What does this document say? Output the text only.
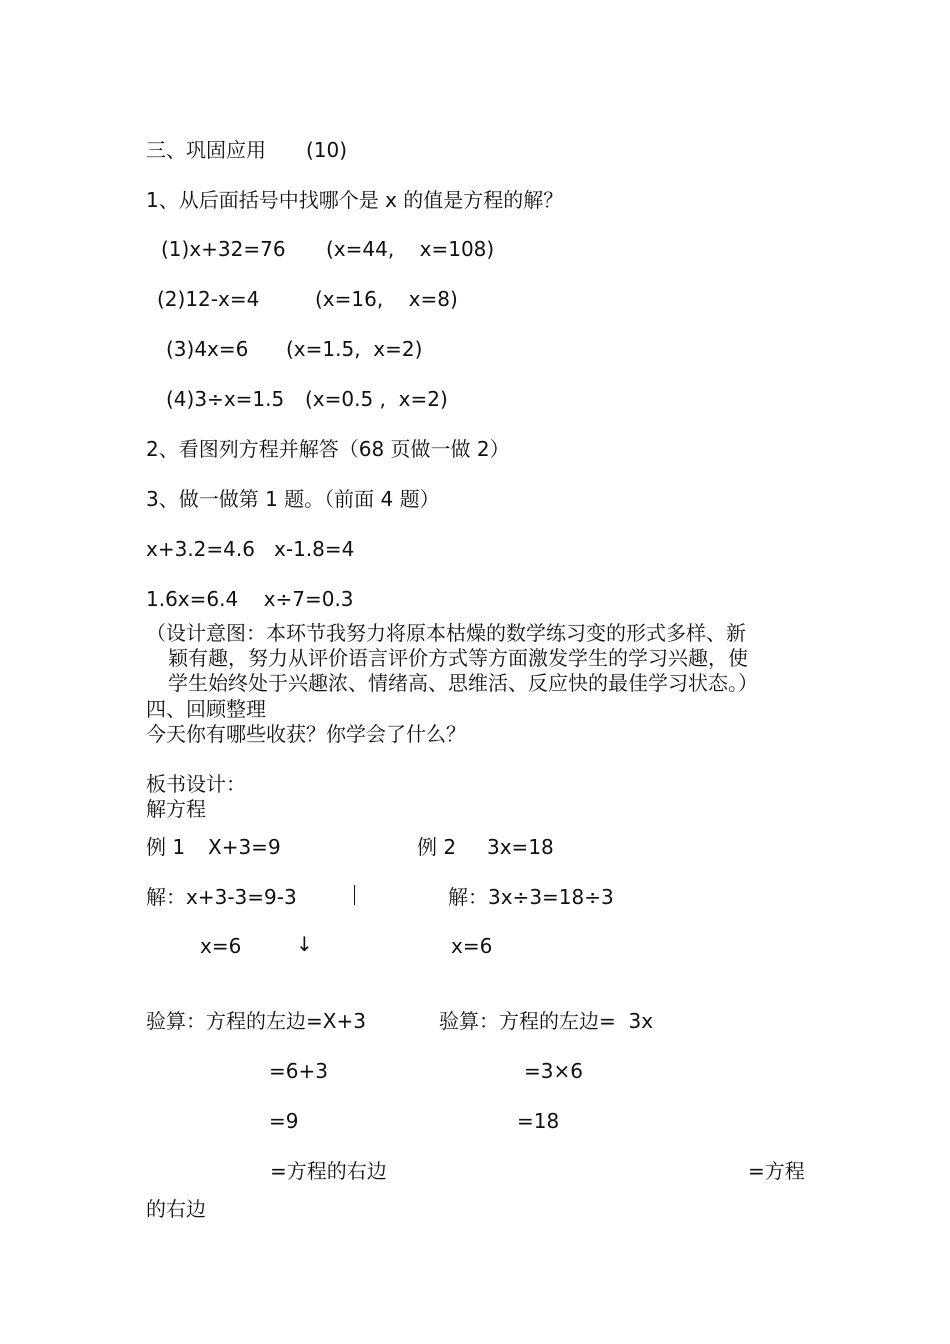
三、巩固应用 (10)
1、从后面括号中找哪个是 x 的值是方程的解？
(1)x+32=76 (x=44,    x=108)
(2)12-x=4	(x=16,    x=8)
(3)4x=6 (x=1.5,  x=2)
(4)3÷x=1.5 (x=0.5 ,  x=2)
2、看图列方程并解答（68 页做一做 2）
3、做一做第 1 题。（前面 4 题）
x+3.2=4.6   x-1.8=4
1.6x=6.4    x÷7=0.3
（设计意图：本环节我努力将原本枯燥的数学练习变的形式多样、新
颖有趣，努力从评价语言评价方式等方面激发学生的学习兴趣，使
学生始终处于兴趣浓、情绪高、思维活、反应快的最佳学习状态。）
四、回顾整理
今天你有哪些收获？你学会了什么？
板书设计：
解方程
例 1 X+3=9	例 2 3x=18
解：x+3-3=9-3	解：3x÷3=18÷3
x=6	↓	x=6
验算：方程的左边=X+3	验算：方程的左边=  3x
=6+3	=3×6
=9	=18
=方程的右边	=方程
的右边
